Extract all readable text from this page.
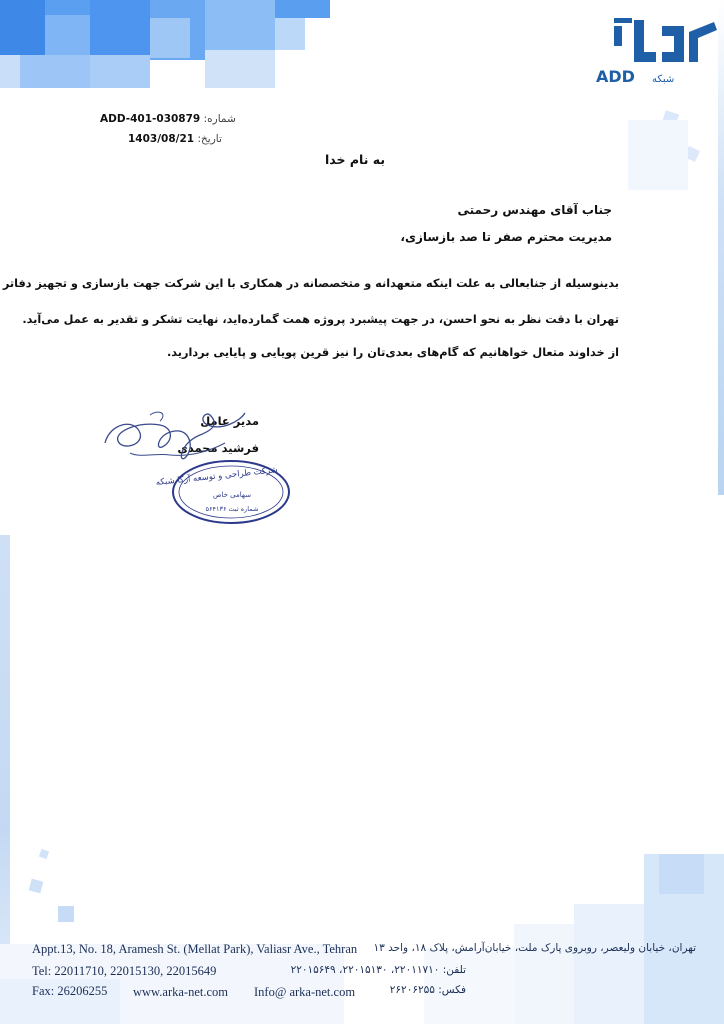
ADD شبکه
شماره: ADD-401-030879
تاریخ: 1403/08/21
به نام خدا
جناب آقای مهندس رحمتی
مدیریت محترم صفر تا صد بازسازی،
بدینوسیله از جنابعالی به علت اینکه متعهدانه و متخصصانه در همکاری با این شرکت جهت بازسازی و تجهیز دفاتر
تهران با دقت نظر به نحو احسن، در جهت پیشبرد پروژه همت گمارده‌اید، نهایت تشکر و تقدیر به عمل می‌آید.
از خداوند متعال خواهانیم که گام‌های بعدی‌تان را نیز قرین پویایی و پایایی بردارید.
مدیر عامل
فرشید محمدی
شرکت طراحی و توسعه آرکا شبکه
سهامی خاص
شماره ثبت ۵۶۴۱۳۶
Appt.13, No. 18, Aramesh St. (Mellat Park), Valiasr Ave., Tehran
Tel: 22011710, 22015130, 22015649
Fax: 26206255 www.arka-net.com Info@ arka-net.com
تهران، خیابان ولیعصر، روبروی پارک ملت، خیابان‌آرامش، پلاک ۱۸، واحد ۱۳
تلفن: ۲۲۰۱۱۷۱۰، ۲۲۰۱۵۱۳۰، ۲۲۰۱۵۶۴۹
فکس: ۲۶۲۰۶۲۵۵
